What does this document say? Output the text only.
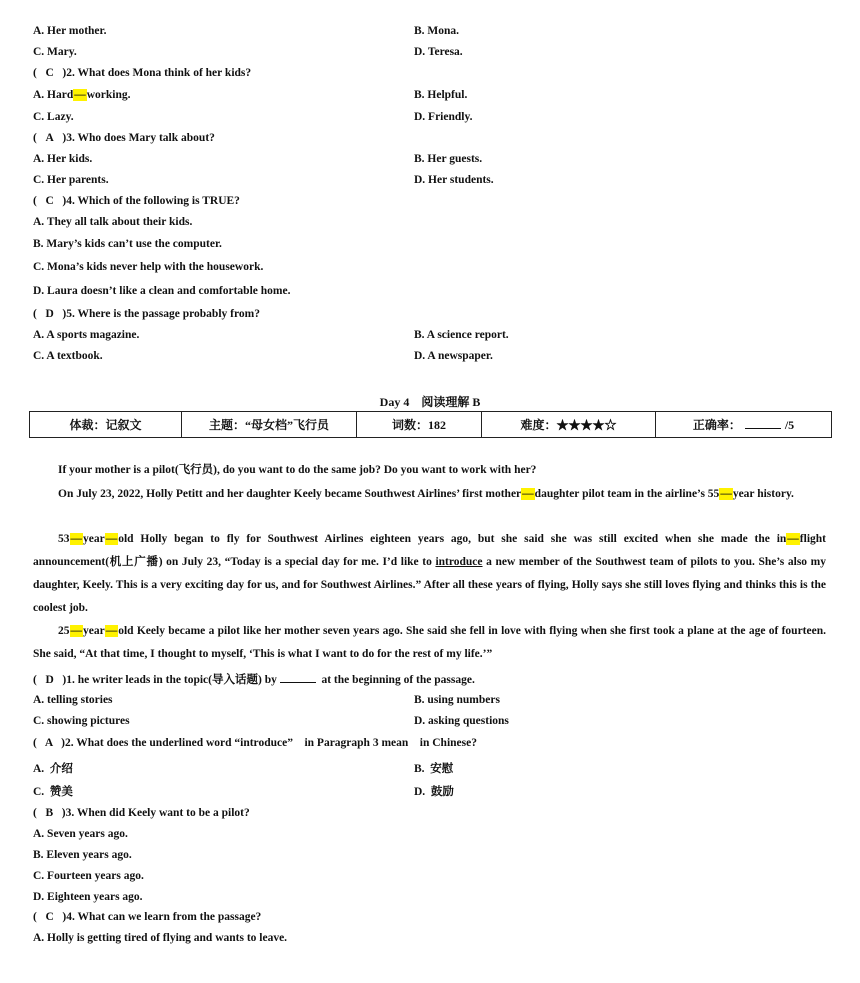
A. Her mother.	B. Mona.
C. Mary.	D. Teresa.
(   C )2. What does Mona think of her kids?
A. Hard—working.	B. Helpful.
C. Lazy.	D. Friendly.
(   A )3. Who does Mary talk about?
A. Her kids.	B. Her guests.
C. Her parents.	D. Her students.
(   C )4. Which of the following is TRUE?
A. They all talk about their kids.
B. Mary’s kids can’t use the computer.
C. Mona’s kids never help with the housework.
D. Laura doesn’t like a clean and comfortable home.
(   D )5. Where is the passage probably from?
A. A sports magazine.	B. A science report.
C. A textbook.	D. A newspaper.
Day 4    阅读理解 B
体裁：记叙文	主题：“母女档”飞行员	词数：182	难度：★★★★☆	正确率：	/5
If your mother is a pilot(飞行员), do you want to do the same job? Do you want to work with her?
On July 23, 2022, Holly Petitt and her daughter Keely became Southwest Airlines’ first mother—daughter pilot team in the airline’s 55—year history.
53—year—old Holly began to fly for Southwest Airlines eighteen years ago, but she said she was still excited when she made the in—flight announcement(机上广播) on July 23, “Today is a special day for me. I’d like to introduce a new member of the Southwest team of pilots to you. She’s also my daughter, Keely. This is a very exciting day for us, and for Southwest Airlines.” After all these years of flying, Holly says she still loves flying and thinks this is the coolest job.
25—year—old Keely became a pilot like her mother seven years ago. She said she fell in love with flying when she first took a plane at the age of fourteen. She said, “At that time, I thought to myself, ‘This is what I want to do for the rest of my life.’”
(   D )1. he writer leads in the topic(导入话题) by	at the beginning of the passage.
A. telling stories	B. using numbers
C. showing pictures	D. asking questions
(   A )2. What does the underlined word “introduce”    in Paragraph 3 mean    in Chinese?
A.  介绍	B.  安慰
C.  赞美	D.  鼓励
(   B )3. When did Keely want to be a pilot?
A. Seven years ago.
B. Eleven years ago.
C. Fourteen years ago.
D. Eighteen years ago.
(   C )4. What can we learn from the passage?
A. Holly is getting tired of flying and wants to leave.
